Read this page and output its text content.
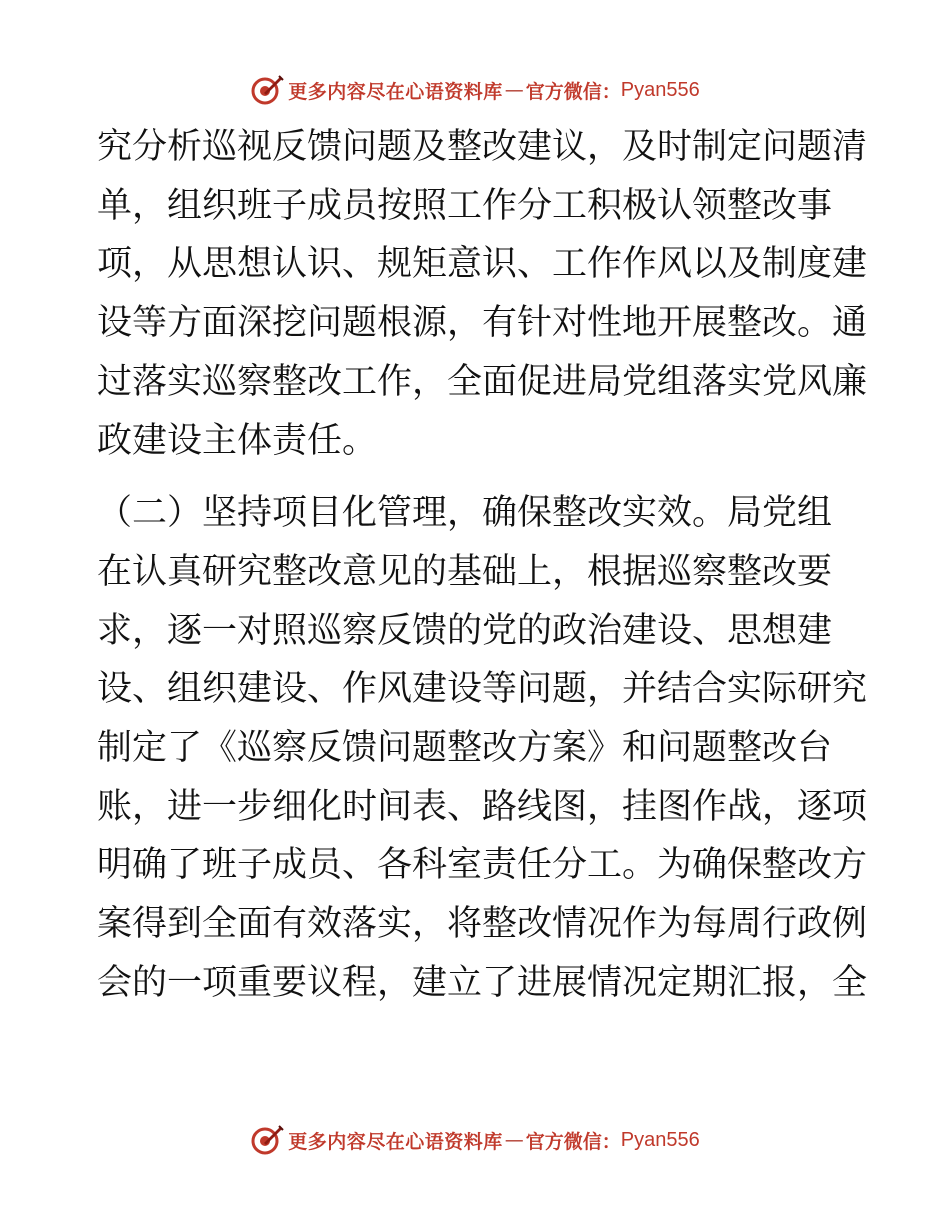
更多内容尽在心语资料库 — 官方微信： Pyan556

究分析巡视反馈问题及整改建议，及时制定问题清
单，组织班子成员按照工作分工积极认领整改事
项，从思想认识、规矩意识、工作作风以及制度建
设等方面深挖问题根源，有针对性地开展整改。通
过落实巡察整改工作，全面促进局党组落实党风廉
政建设主体责任。

（二）坚持项目化管理，确保整改实效。局党组
在认真研究整改意见的基础上，根据巡察整改要
求，逐一对照巡察反馈的党的政治建设、思想建
设、组织建设、作风建设等问题，并结合实际研究
制定了《巡察反馈问题整改方案》和问题整改台
账，进一步细化时间表、路线图，挂图作战，逐项
明确了班子成员、各科室责任分工。为确保整改方
案得到全面有效落实，将整改情况作为每周行政例
会的一项重要议程，建立了进展情况定期汇报，全

更多内容尽在心语资料库 — 官方微信： Pyan556
